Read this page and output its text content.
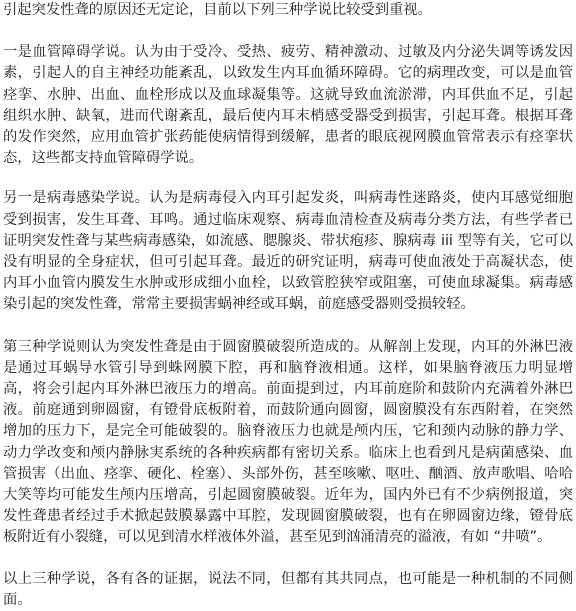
引起突发性聋的原因还无定论，目前以下列三种学说比较受到重视。

一是血管障碍学说。认为由于受冷、受热、疲劳、精神激动、过敏及内分泌失调等诱发因素，引起人的自主神经功能紊乱，以致发生内耳血循环障碍。它的病理改变，可以是血管痉挛、水肿、出血、血栓形成以及血球凝集等。这就导致血流淤滞，内耳供血不足，引起组织水肿、缺氧，进而代谢紊乱，最后使内耳末梢感受器受到损害，引起耳聋。根据耳聋的发作突然，应用血管扩张药能使病情得到缓解，患者的眼底视网膜血管常表示有痉挛状态，这些都支持血管障碍学说。

另一是病毒感染学说。认为是病毒侵入内耳引起发炎，叫病毒性迷路炎，使内耳感觉细胞受到损害，发生耳聋、耳鸣。通过临床观察、病毒血清检查及病毒分类方法，有些学者已证明突发性聋与某些病毒感染，如流感、腮腺炎、带状疱疹、腺病毒 iii 型等有关，它可以没有明显的全身症状，但可引起耳聋。最近的研究证明，病毒可使血液处于高凝状态，使内耳小血管内膜发生水肿或形成细小血栓，以致管腔狭窄或阻塞，可使血球凝集。病毒感染引起的突发性聋，常常主要损害蜗神经或耳蜗，前庭感受器则受损较轻。

第三种学说则认为突发性聋是由于圆窗膜破裂所造成的。从解剖上发现，内耳的外淋巴液是通过耳蜗导水管引导到蛛网膜下腔，再和脑脊液相通。这样，如果脑脊液压力明显增高，将会引起内耳外淋巴液压力的增高。前面提到过，内耳前庭阶和鼓阶内充满着外淋巴液。前庭通到卵圆窗，有镫骨底板附着，而鼓阶通向圆窗，圆窗膜没有东西附着，在突然增加的压力下，是完全可能破裂的。脑脊液压力也就是颅内压，它和颈内动脉的静力学、动力学改变和颅内静脉実系统的各种疾病都有密切关系。临床上也看到凡是病菌感染、血管损害（出血、痉挛、硬化、栓塞）、头部外伤，甚至咳嗽、呕吐、酗酒、放声歌唱、哈哈大笑等均可能发生颅内压增高，引起圆窗膜破裂。近年为，国内外已有不少病例报道，突发性聋患者经过手术掀起鼓膜暴露中耳腔，发现圆窗膜破裂，也有在卵圆窗边缘，镫骨底板附近有小裂缝，可以见到清水样液体外溢，甚至见到汹涌清亮的溢液，有如 “井喷”。

以上三种学说，各有各的证据，说法不同，但都有其共同点，也可能是一种机制的不同侧面。
